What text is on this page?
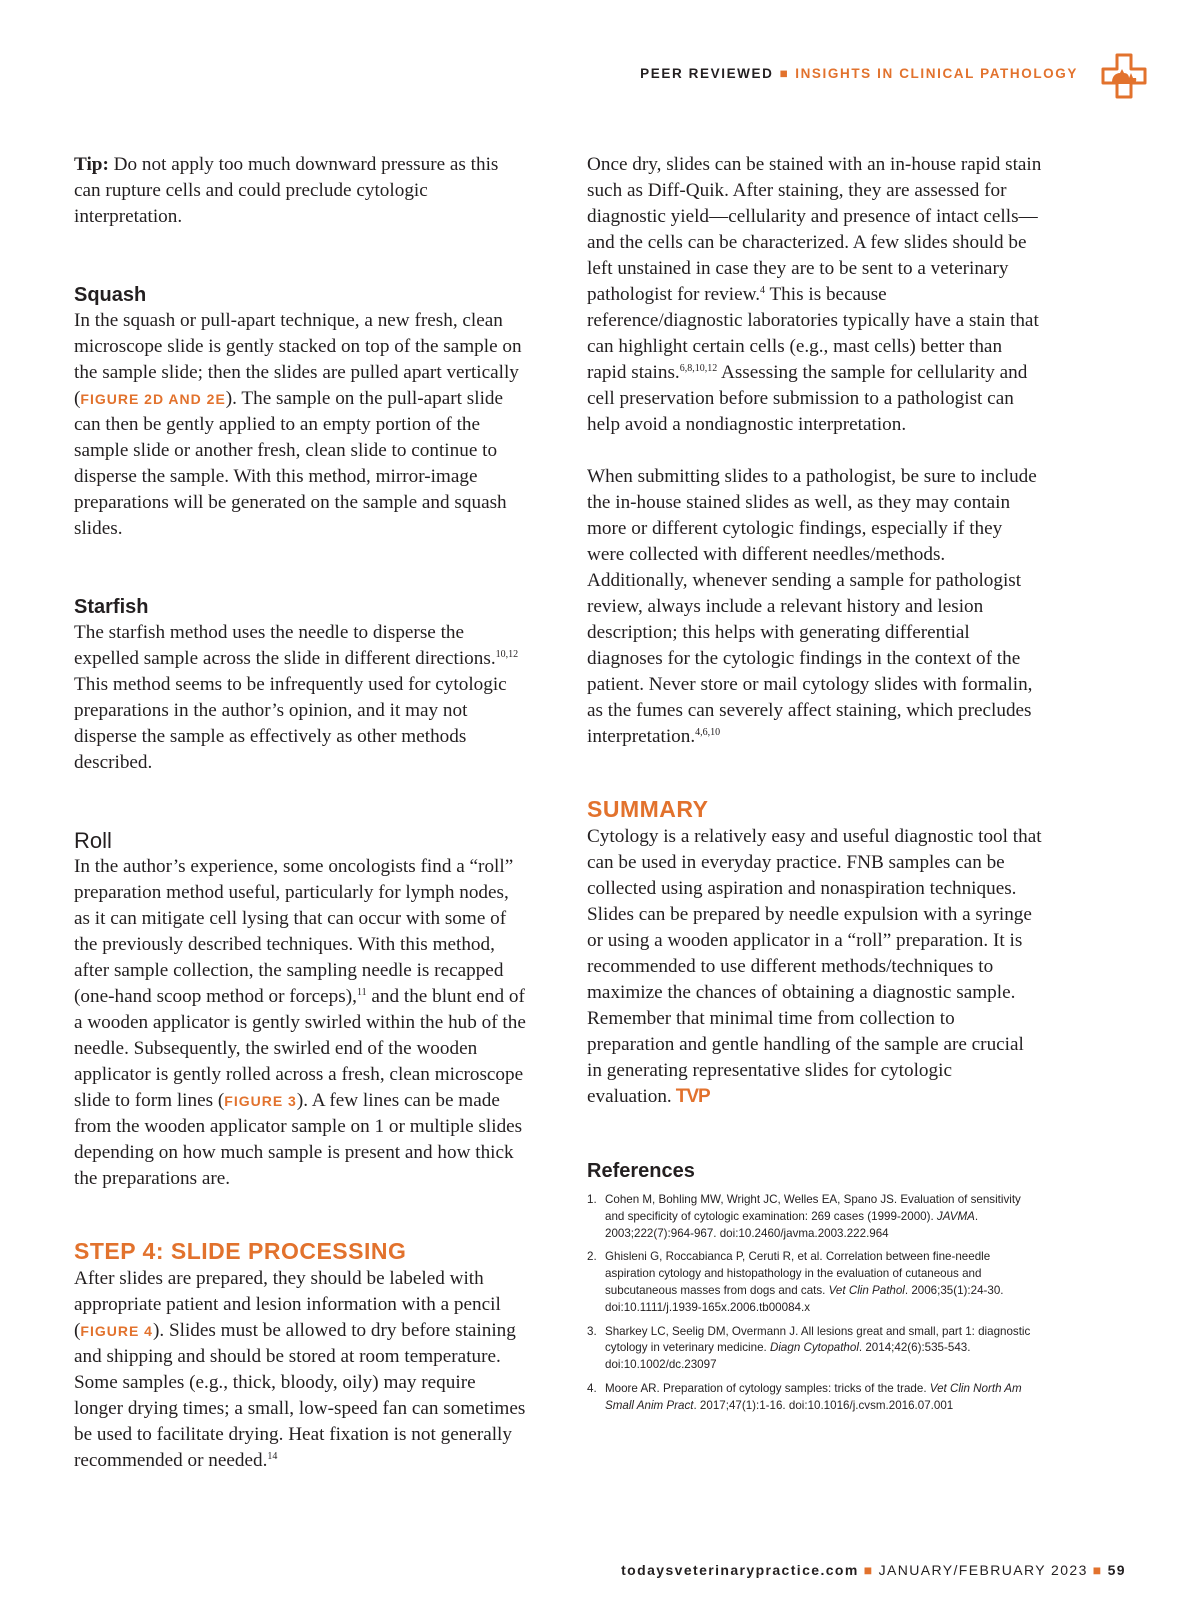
PEER REVIEWED ■ INSIGHTS IN CLINICAL PATHOLOGY

Tip: Do not apply too much downward pressure as this can rupture cells and could preclude cytologic interpretation.

Squash

In the squash or pull-apart technique, a new fresh, clean microscope slide is gently stacked on top of the sample on the sample slide; then the slides are pulled apart vertically (FIGURE 2D AND 2E). The sample on the pull-apart slide can then be gently applied to an empty portion of the sample slide or another fresh, clean slide to continue to disperse the sample. With this method, mirror-image preparations will be generated on the sample and squash slides.

Starfish

The starfish method uses the needle to disperse the expelled sample across the slide in different directions.$^{10,12}$ This method seems to be infrequently used for cytologic preparations in the author’s opinion, and it may not disperse the sample as effectively as other methods described.

Roll

In the author’s experience, some oncologists find a “roll” preparation method useful, particularly for lymph nodes, as it can mitigate cell lysing that can occur with some of the previously described techniques. With this method, after sample collection, the sampling needle is recapped (one-hand scoop method or forceps),$^{11}$ and the blunt end of a wooden applicator is gently swirled within the hub of the needle. Subsequently, the swirled end of the wooden applicator is gently rolled across a fresh, clean microscope slide to form lines (FIGURE 3). A few lines can be made from the wooden applicator sample on 1 or multiple slides depending on how much sample is present and how thick the preparations are.

STEP 4: SLIDE PROCESSING

After slides are prepared, they should be labeled with appropriate patient and lesion information with a pencil (FIGURE 4). Slides must be allowed to dry before staining and shipping and should be stored at room temperature. Some samples (e.g., thick, bloody, oily) may require longer drying times; a small, low-speed fan can sometimes be used to facilitate drying. Heat fixation is not generally recommended or needed.$^{14}$

Once dry, slides can be stained with an in-house rapid stain such as Diff-Quik. After staining, they are assessed for diagnostic yield—cellularity and presence of intact cells—and the cells can be characterized. A few slides should be left unstained in case they are to be sent to a veterinary pathologist for review.$^4$ This is because reference/diagnostic laboratories typically have a stain that can highlight certain cells (e.g., mast cells) better than rapid stains.$^{6,8,10,12}$ Assessing the sample for cellularity and cell preservation before submission to a pathologist can help avoid a nondiagnostic interpretation.

When submitting slides to a pathologist, be sure to include the in-house stained slides as well, as they may contain more or different cytologic findings, especially if they were collected with different needles/methods. Additionally, whenever sending a sample for pathologist review, always include a relevant history and lesion description; this helps with generating differential diagnoses for the cytologic findings in the context of the patient. Never store or mail cytology slides with formalin, as the fumes can severely affect staining, which precludes interpretation.$^{4,6,10}$

SUMMARY

Cytology is a relatively easy and useful diagnostic tool that can be used in everyday practice. FNB samples can be collected using aspiration and nonaspiration techniques. Slides can be prepared by needle expulsion with a syringe or using a wooden applicator in a “roll” preparation. It is recommended to use different methods/techniques to maximize the chances of obtaining a diagnostic sample. Remember that minimal time from collection to preparation and gentle handling of the sample are crucial in generating representative slides for cytologic evaluation. TVP

References
1. Cohen M, Bohling MW, Wright JC, Welles EA, Spano JS. Evaluation of sensitivity and specificity of cytologic examination: 269 cases (1999-2000). JAVMA. 2003;222(7):964-967. doi:10.2460/javma.2003.222.964
2. Ghisleni G, Roccabianca P, Ceruti R, et al. Correlation between fine-needle aspiration cytology and histopathology in the evaluation of cutaneous and subcutaneous masses from dogs and cats. Vet Clin Pathol. 2006;35(1):24-30. doi:10.1111/j.1939-165x.2006.tb00084.x
3. Sharkey LC, Seelig DM, Overmann J. All lesions great and small, part 1: diagnostic cytology in veterinary medicine. Diagn Cytopathol. 2014;42(6):535-543. doi:10.1002/dc.23097
4. Moore AR. Preparation of cytology samples: tricks of the trade. Vet Clin North Am Small Anim Pract. 2017;47(1):1-16. doi:10.1016/j.cvsm.2016.07.001
todaysveterinarypractice.com ■ JANUARY/FEBRUARY 2023 ■ 59
